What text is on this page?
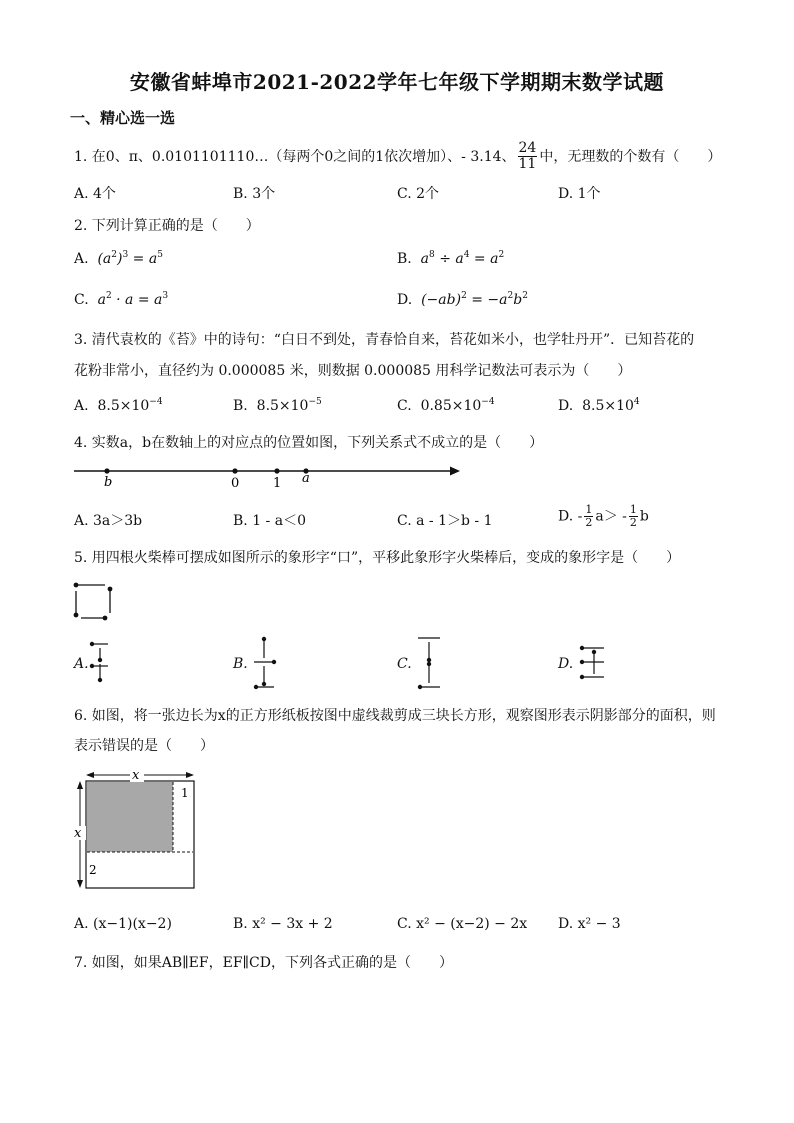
安徽省蚌埠市2021-2022学年七年级下学期期末数学试题
一、精心选一选
1. 在0、π、0.0101101110…（每两个0之间的1依次增加）、- 3.14、 $\frac{24}{11}$ 中，无理数的个数有（　　）
A. 4个	B. 3个	C. 2个	D. 1个
2. 下列计算正确的是（　　）
A. $(a^2)^3 = a^5$	B. $a^8 \div a^4 = a^2$
C. $a^2 \cdot a = a^3$	D. $(-ab)^2 = -a^2b^2$
3. 清代袁枚的《苔》中的诗句：“白日不到处，青春恰自来，苔花如米小，也学牡丹开”．已知苔花的
花粉非常小，直径约为 0.000085 米，则数据 0.000085 用科学记数法可表示为（　　）
A. $8.5\times 10^{-4}$	B. $8.5\times 10^{-5}$	C. $0.85\times 10^{-4}$	D. $8.5\times 10^4$
4. 实数a，b在数轴上的对应点的位置如图，下列关系式不成立的是（　　）
b	0	1 a
A. 3a＞3b	B. 1 - a＜0	C. a - 1＞b - 1	D. - $\frac{1}{2} a> - \frac{1}{2}$ b
5. 用四根火柴棒可摆成如图所示的象形字“口”，平移此象形字火柴棒后，变成的象形字是（　　）
A.	B.	C.	D.
6. 如图，将一张边长为x的正方形纸板按图中虚线裁剪成三块长方形，观察图形表示阴影部分的面积，则
表示错误的是（　　）
x
x
1
2
A. (x−1)(x−2)	B. x² − 3x + 2	C. x² − (x−2) − 2x D. x² − 3
7. 如图，如果AB∥EF，EF∥CD，下列各式正确的是（　　）
